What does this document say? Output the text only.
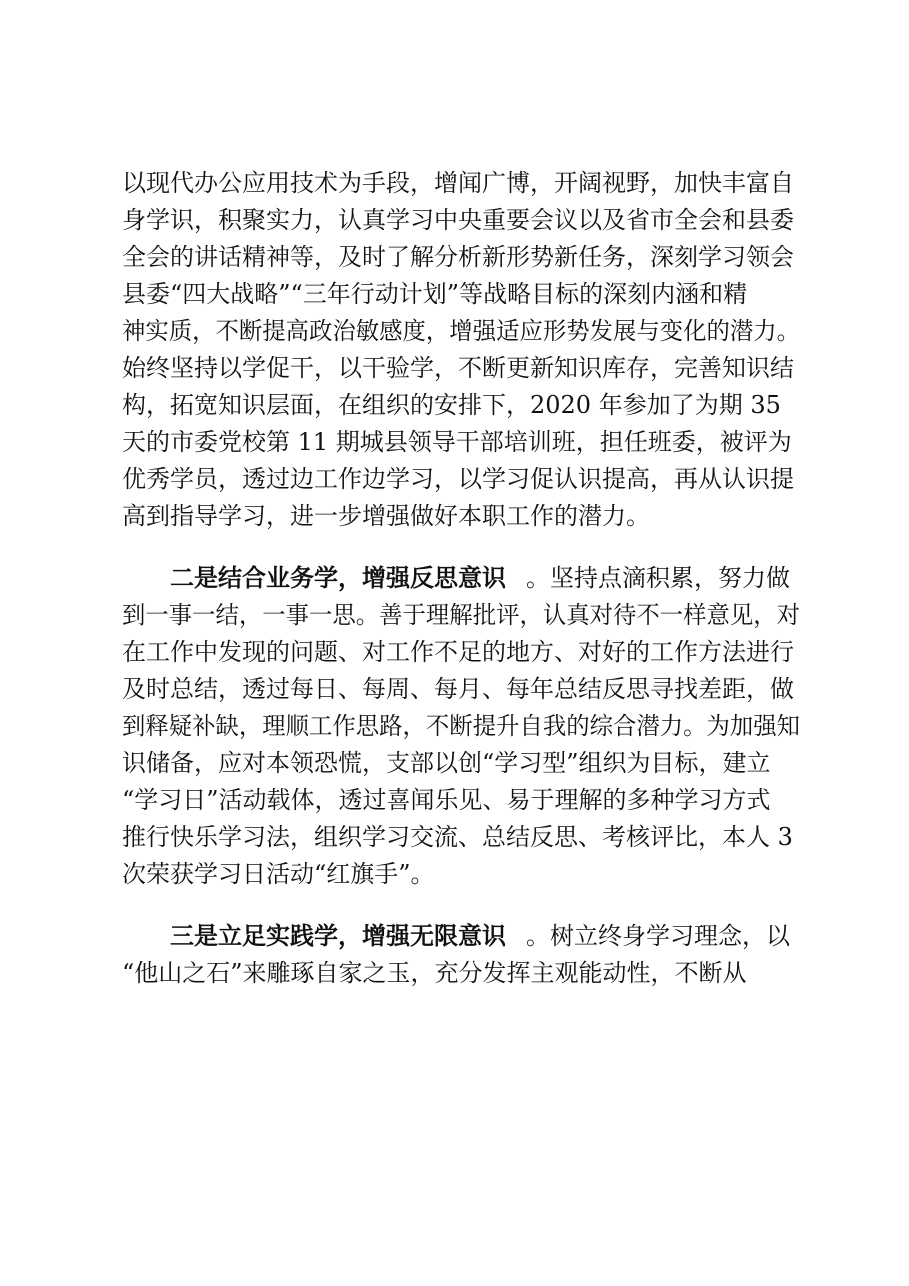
以现代办公应用技术为手段，增闻广博，开阔视野，加快丰富自
身学识，积聚实力，认真学习中央重要会议以及省市全会和县委
全会的讲话精神等，及时了解分析新形势新任务，深刻学习领会
县委“四大战略”“三年行动计划”等战略目标的深刻内涵和精
神实质，不断提高政治敏感度，增强适应形势发展与变化的潜力。
始终坚持以学促干，以干验学，不断更新知识库存，完善知识结
构，拓宽知识层面，在组织的安排下，2020 年参加了为期 35
天的市委党校第 11 期城县领导干部培训班，担任班委，被评为
优秀学员，透过边工作边学习，以学习促认识提高，再从认识提
高到指导学习，进一步增强做好本职工作的潜力。
二是结合业务学，增强反思意识 。坚持点滴积累，努力做
到一事一结，一事一思。善于理解批评，认真对待不一样意见，对
在工作中发现的问题、对工作不足的地方、对好的工作方法进行
及时总结，透过每日、每周、每月、每年总结反思寻找差距，做
到释疑补缺，理顺工作思路，不断提升自我的综合潜力。为加强知
识储备，应对本领恐慌，支部以创“学习型”组织为目标，建立
“学习日”活动载体，透过喜闻乐见、易于理解的多种学习方式
推行快乐学习法，组织学习交流、总结反思、考核评比，本人 3
次荣获学习日活动“红旗手”。
三是立足实践学，增强无限意识 。树立终身学习理念，以
“他山之石”来雕琢自家之玉，充分发挥主观能动性，不断从
